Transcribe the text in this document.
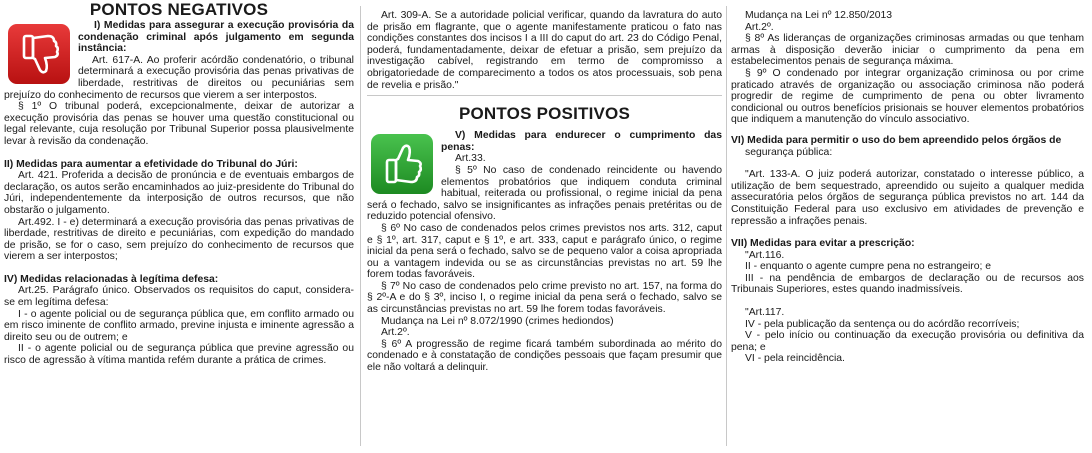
PONTOS NEGATIVOS

I) Medidas para assegurar a execução provisória da condenação criminal após julgamento em segunda instância:

Art. 617-A. Ao proferir acórdão condenatório, o tribunal determinará a execução provisória das penas privativas de liberdade, restritivas de direitos ou pecuniárias sem prejuízo do conhecimento de recursos que vierem a ser interpostos.

§ 1º O tribunal poderá, excepcionalmente, deixar de autorizar a execução provisória das penas se houver uma questão constitucional ou legal relevante, cuja resolução por Tribunal Superior possa plausivelmente levar à revisão da condenação.

II) Medidas para aumentar a efetividade do Tribunal do Júri:

Art. 421. Proferida a decisão de pronúncia e de eventuais embargos de declaração, os autos serão encaminhados ao juiz-presidente do Tribunal do Júri, independentemente da interposição de outros recursos, que não obstarão o julgamento.

Art.492. I - e) determinará a execução provisória das penas privativas de liberdade, restritivas de direito e pecuniárias, com expedição do mandado de prisão, se for o caso, sem prejuízo do conhecimento de recursos que vierem a ser interpostos;

IV) Medidas relacionadas à legítima defesa:

Art.25. Parágrafo único. Observados os requisitos do caput, considera-se em legítima defesa:

I - o agente policial ou de segurança pública que, em conflito armado ou em risco iminente de conflito armado, previne injusta e iminente agressão a direito seu ou de outrem; e

II - o agente policial ou de segurança pública que previne agressão ou risco de agressão à vítima mantida refém durante a prática de crimes.

Art. 309-A. Se a autoridade policial verificar, quando da lavratura do auto de prisão em flagrante, que o agente manifestamente praticou o fato nas condições constantes dos incisos I a III do caput do art. 23 do Código Penal, poderá, fundamentadamente, deixar de efetuar a prisão, sem prejuízo da investigação cabível, registrando em termo de compromisso a obrigatoriedade de comparecimento a todos os atos processuais, sob pena de revelia e prisão."

PONTOS POSITIVOS

V) Medidas para endurecer o cumprimento das penas:

Art.33.

§ 5º No caso de condenado reincidente ou havendo elementos probatórios que indiquem conduta criminal habitual, reiterada ou profissional, o regime inicial da pena será o fechado, salvo se insignificantes as infrações penais pretéritas ou de reduzido potencial ofensivo.

§ 6º No caso de condenados pelos crimes previstos nos arts. 312, caput e § 1º, art. 317, caput e § 1º, e art. 333, caput e parágrafo único, o regime inicial da pena será o fechado, salvo se de pequeno valor a coisa apropriada ou a vantagem indevida ou se as circunstâncias previstas no art. 59 lhe forem todas favoráveis.

§ 7º No caso de condenados pelo crime previsto no art. 157, na forma do § 2º-A e do § 3º, inciso I, o regime inicial da pena será o fechado, salvo se as circunstâncias previstas no art. 59 lhe forem todas favoráveis.

Mudança na Lei nº 8.072/1990 (crimes hediondos)

Art.2º.

§ 6º A progressão de regime ficará também subordinada ao mérito do condenado e à constatação de condições pessoais que façam presumir que ele não voltará a delinquir.

Mudança na Lei nº 12.850/2013

Art.2º.

§ 8º As lideranças de organizações criminosas armadas ou que tenham armas à disposição deverão iniciar o cumprimento da pena em estabelecimentos penais de segurança máxima.

§ 9º O condenado por integrar organização criminosa ou por crime praticado através de organização ou associação criminosa não poderá progredir de regime de cumprimento de pena ou obter livramento condicional ou outros benefícios prisionais se houver elementos probatórios que indiquem a manutenção do vínculo associativo.

VI) Medida para permitir o uso do bem apreendido pelos órgãos de

segurança pública:

"Art. 133-A. O juiz poderá autorizar, constatado o interesse público, a utilização de bem sequestrado, apreendido ou sujeito a qualquer medida assecuratória pelos órgãos de segurança pública previstos no art. 144 da Constituição Federal para uso exclusivo em atividades de prevenção e repressão a infrações penais.

VII) Medidas para evitar a prescrição:

"Art.116.

II - enquanto o agente cumpre pena no estrangeiro; e

III - na pendência de embargos de declaração ou de recursos aos Tribunais Superiores, estes quando inadmissíveis.

"Art.117.

IV - pela publicação da sentença ou do acórdão recorríveis;

V - pelo início ou continuação da execução provisória ou definitiva da pena; e

VI - pela reincidência.
